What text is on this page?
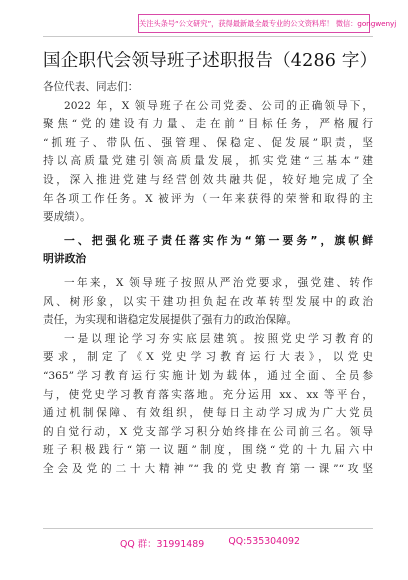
关注头条号“公文研究”，获得最新最全最专业的公文资料库！ 微信：gongwenyj
国企职代会领导班子述职报告（4286 字）
各位代表、同志们：
2022 年，X 领导班子在公司党委、公司的正确领导下，
聚焦“党的建设有力量、走在前”目标任务，严格履行
“抓班子、带队伍、强管理、保稳定、促发展”职责，坚
持以高质量党建引领高质量发展，抓实党建“三基本”建
设，深入推进党建与经营创效共融共促，较好地完成了全
年各项工作任务。X 被评为（一年来获得的荣誉和取得的主
要成绩）。
一、把强化班子责任落实作为“第一要务”，旗帜鲜
明讲政治
一年来，X 领导班子按照从严治党要求，强党建、转作
风、树形象，以实干建功担负起在改革转型发展中的政治
责任，为实现和谐稳定发展提供了强有力的政治保障。
一是以理论学习夯实底层建筑。按照党史学习教育的
要求，制定了《X 党史学习教育运行大表》，以党史
“365”学习教育运行实施计划为载体，通过全面、全员参
与，使党史学习教育落实落地。充分运用 xx、xx 等平台，
通过机制保障、有效组织，使每日主动学习成为广大党员
的自觉行动，X 党支部学习积分始终排在公司前三名。领导
班子积极践行“第一议题”制度，围绕“党的十九届六中
全会及党的二十大精神”“我的党史教育第一课”“攻坚
QQ 群：31991489	QQ:535304092
